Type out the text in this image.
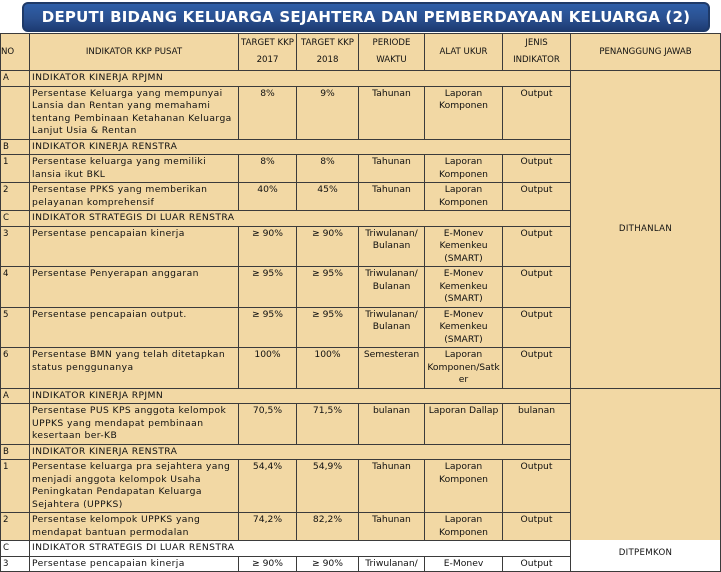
DEPUTI BIDANG KELUARGA SEJAHTERA DAN PEMBERDAYAAN KELUARGA (2)
NO	INDIKATOR KKP PUSAT	TARGET KKP 2017	TARGET KKP 2018	PERIODE WAKTU	ALAT UKUR	JENIS INDIKATOR	PENANGGUNG JAWAB
A	INDIKATOR KINERJA RPJMN						DITHANLAN
	Persentase Keluarga yang mempunyai Lansia dan Rentan yang memahami tentang Pembinaan Ketahanan Keluarga Lanjut Usia & Rentan	8%	9%	Tahunan	Laporan Komponen	Output	
B	INDIKATOR KINERJA RENSTRA						
1	Persentase keluarga yang memiliki lansia ikut BKL	8%	8%	Tahunan	Laporan Komponen	Output	
2	Persentase PPKS yang memberikan pelayanan komprehensif	40%	45%	Tahunan	Laporan Komponen	Output	
C	INDIKATOR STRATEGIS DI LUAR RENSTRA						
3	Persentase pencapaian kinerja	≥ 90%	≥ 90%	Triwulanan/ Bulanan	E-Monev Kemenkeu (SMART)	Output	
4	Persentase Penyerapan anggaran	≥ 95%	≥ 95%	Triwulanan/ Bulanan	E-Monev Kemenkeu (SMART)	Output	
5	Persentase pencapaian output.	≥ 95%	≥ 95%	Triwulanan/ Bulanan	E-Monev Kemenkeu (SMART)	Output	
6	Persentase BMN yang telah ditetapkan status penggunanya	100%	100%	Semesteran	Laporan Komponen/Satker	Output	
A	INDIKATOR KINERJA RPJMN						DITPEMKON
	Persentase PUS KPS anggota kelompok UPPKS yang mendapat pembinaan kesertaan ber-KB	70,5%	71,5%	bulanan	Laporan Dallap	bulanan	
B	INDIKATOR KINERJA RENSTRA						
1	Persentase keluarga pra sejahtera yang menjadi anggota kelompok Usaha Peningkatan Pendapatan Keluarga Sejahtera (UPPKS)	54,4%	54,9%	Tahunan	Laporan Komponen	Output	
2	Persentase kelompok UPPKS yang mendapat bantuan permodalan	74,2%	82,2%	Tahunan	Laporan Komponen	Output	
C	INDIKATOR STRATEGIS DI LUAR RENSTRA						
3	Persentase pencapaian kinerja	≥ 90%	≥ 90%	Triwulanan/	E-Monev	Output	
